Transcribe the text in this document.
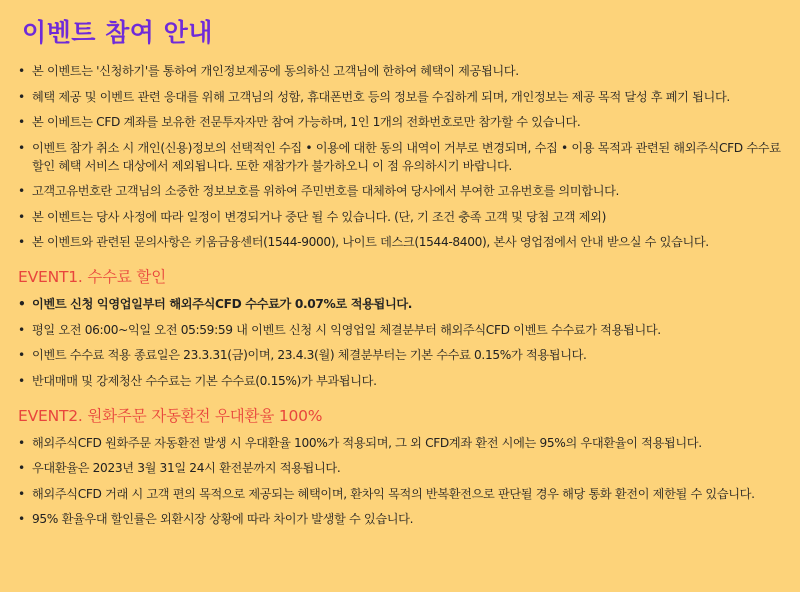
이벤트 참여 안내
• 본 이벤트는 '신청하기'를 통하여 개인정보제공에 동의하신 고객님에 한하여 혜택이 제공됩니다.
• 혜택 제공 및 이벤트 관련 응대를 위해 고객님의 성함, 휴대폰번호 등의 정보를 수집하게 되며, 개인정보는 제공 목적 달성 후 폐기 됩니다.
• 본 이베트는 CFD 계좌를 보유한 전문투자자만 참여 가능하며, 1인 1개의 전화번호로만 참가할 수 있습니다.
• 이벤트 참가 취소 시 개인(신용)정보의 선택적인 수집 • 이용에 대한 동의 내역이 거부로 변경되며, 수집 • 이용 목적과 관련된 해외주식CFD 수수료 할인 혜택 서비스 대상에서 제외됩니다. 또한 재참가가 불가하오니 이 점 유의하시기 바랍니다.
• 고객고유번호란 고객님의 소중한 정보보호를 위하여 주민번호를 대체하여 당사에서 부여한 고유번호를 의미합니다.
• 본 이벤트는 당사 사정에 따라 일정이 변경되거나 중단 될 수 있습니다. (단, 기 조건 충족 고객 및 당첨 고객 제외)
• 본 이벤트와 관련된 문의사항은 키움금융센터(1544-9000), 나이트 데스크(1544-8400), 본사 영업점에서 안내 받으실 수 있습니다.
EVENT1. 수수료 할인
• 이벤트 신청 익영업일부터 해외주식CFD 수수료가 0.07%로 적용됩니다.
• 평일 오전 06:00~익일 오전 05:59:59 내 이벤트 신청 시 익영업일 체결분부터 해외주식CFD 이벤트 수수료가 적용됩니다.
• 이벤트 수수료 적용 종료일은 23.3.31(금)이며, 23.4.3(월) 체결분부터는 기본 수수료 0.15%가 적용됩니다.
• 반대매매 및 강제청산 수수료는 기본 수수료(0.15%)가 부과됩니다.
EVENT2. 원화주문 자동환전 우대환율 100%
• 해외주식CFD 원화주문 자동환전 발생 시 우대환율 100%가 적용되며, 그 외 CFD계좌 환전 시에는 95%의 우대환율이 적용됩니다.
• 우대환율은 2023년 3월 31일 24시 환전분까지 적용됩니다.
• 해외주식CFD 거래 시 고객 편의 목적으로 제공되는 혜택이며, 환차익 목적의 반복환전으로 판단될 경우 해당 통화 환전이 제한될 수 있습니다.
• 95% 환율우대 할인률은 외환시장 상황에 따라 차이가 발생할 수 있습니다.
